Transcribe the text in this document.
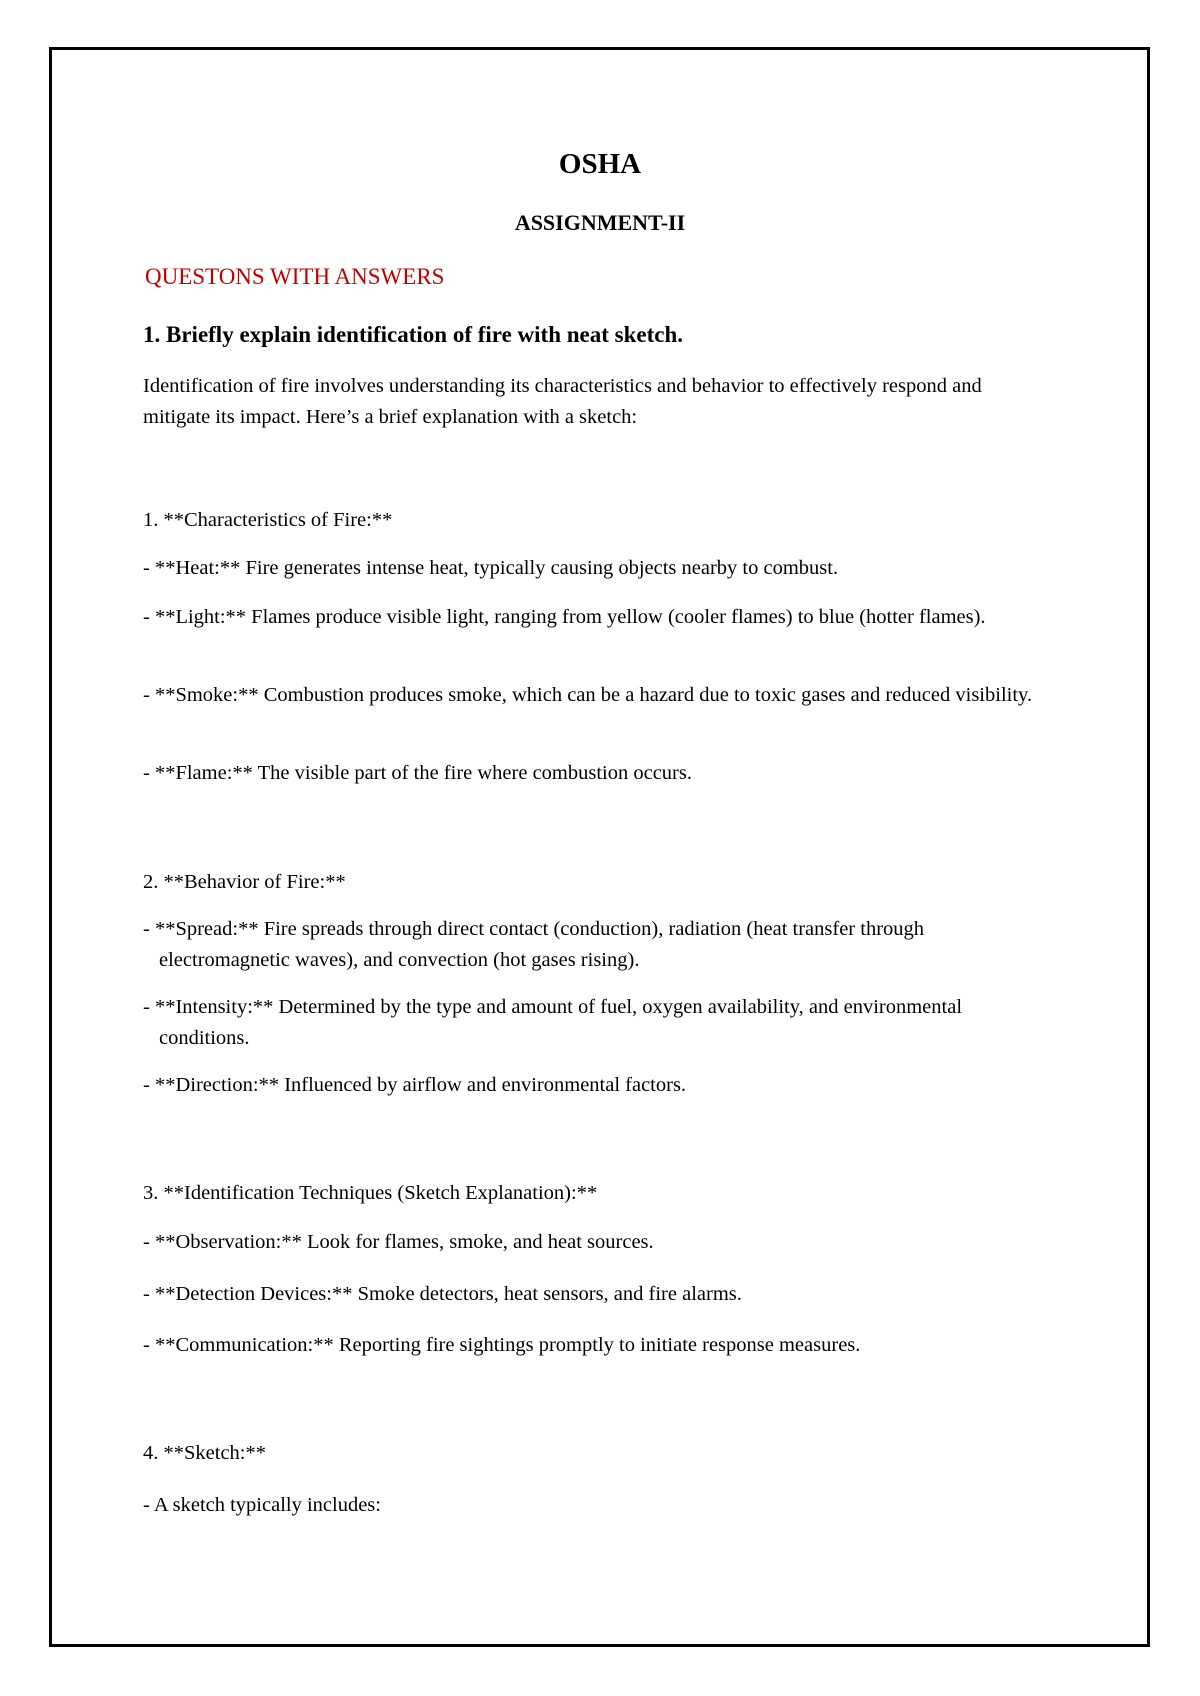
OSHA
ASSIGNMENT-II
QUESTONS WITH ANSWERS
1. Briefly explain identification of fire with neat sketch.
Identification of fire involves understanding its characteristics and behavior to effectively respond and mitigate its impact. Here’s a brief explanation with a sketch:
1. **Characteristics of Fire:**
- **Heat:** Fire generates intense heat, typically causing objects nearby to combust.
- **Light:** Flames produce visible light, ranging from yellow (cooler flames) to blue (hotter flames).
- **Smoke:** Combustion produces smoke, which can be a hazard due to toxic gases and reduced visibility.
- **Flame:** The visible part of the fire where combustion occurs.
2. **Behavior of Fire:**
- **Spread:** Fire spreads through direct contact (conduction), radiation (heat transfer through electromagnetic waves), and convection (hot gases rising).
- **Intensity:** Determined by the type and amount of fuel, oxygen availability, and environmental conditions.
- **Direction:** Influenced by airflow and environmental factors.
3. **Identification Techniques (Sketch Explanation):**
- **Observation:** Look for flames, smoke, and heat sources.
- **Detection Devices:** Smoke detectors, heat sensors, and fire alarms.
- **Communication:** Reporting fire sightings promptly to initiate response measures.
4. **Sketch:**
- A sketch typically includes:
